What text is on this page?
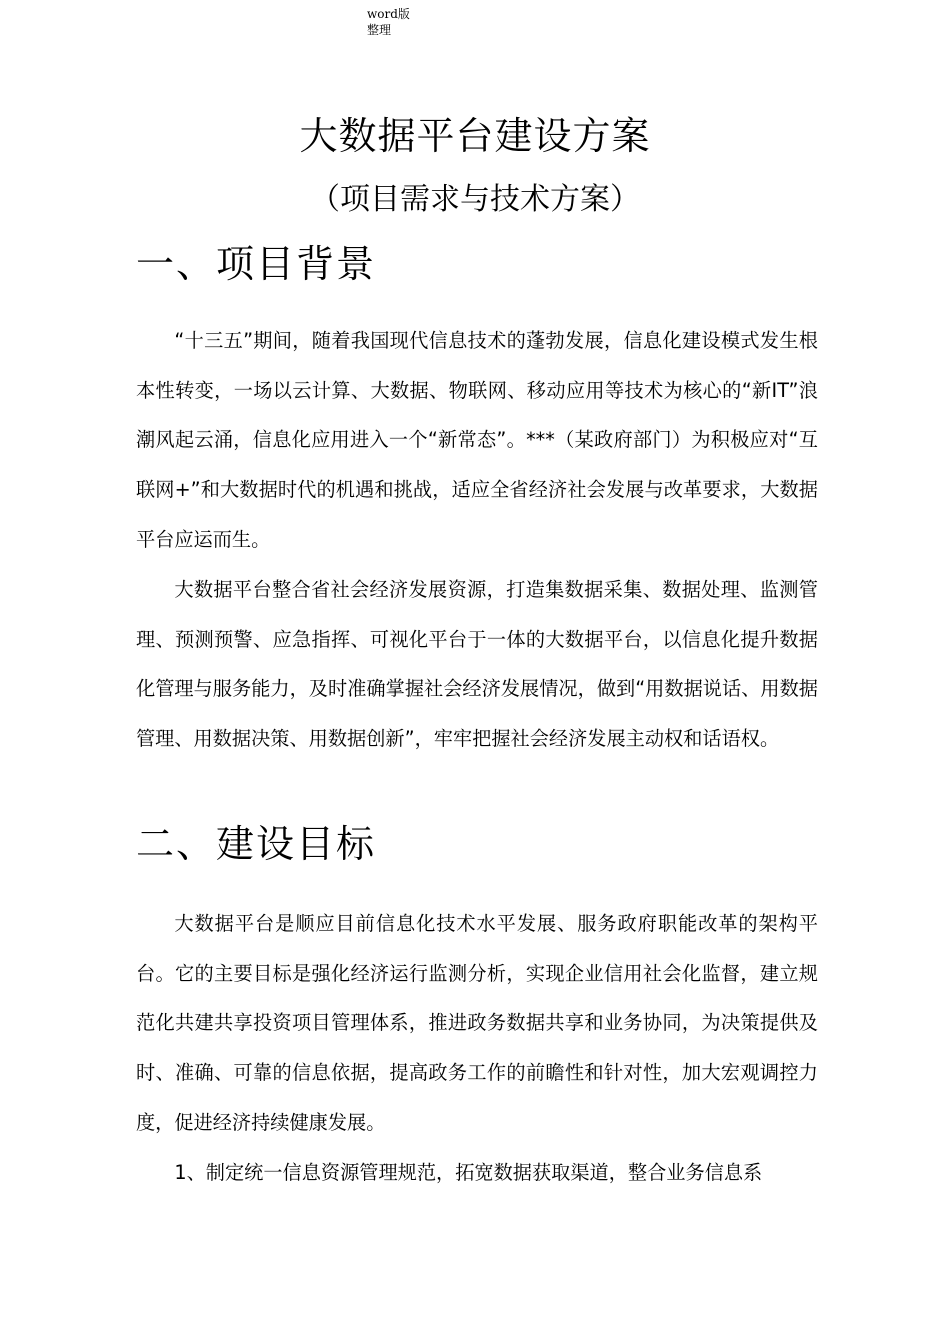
word版
整理
大数据平台建设方案
（项目需求与技术方案）
一、项目背景

“十三五”期间，随着我国现代信息技术的蓬勃发展，信息化建设模式发生根本性转变，一场以云计算、大数据、物联网、移动应用等技术为核心的“新IT”浪潮风起云涌，信息化应用进入一个“新常态”。***（某政府部门）为积极应对“互联网+”和大数据时代的机遇和挑战，适应全省经济社会发展与改革要求，大数据平台应运而生。

大数据平台整合省社会经济发展资源，打造集数据采集、数据处理、监测管理、预测预警、应急指挥、可视化平台于一体的大数据平台，以信息化提升数据化管理与服务能力，及时准确掌握社会经济发展情况，做到“用数据说话、用数据管理、用数据决策、用数据创新”，牢牢把握社会经济发展主动权和话语权。

二、建设目标

大数据平台是顺应目前信息化技术水平发展、服务政府职能改革的架构平台。它的主要目标是强化经济运行监测分析，实现企业信用社会化监督，建立规范化共建共享投资项目管理体系，推进政务数据共享和业务协同，为决策提供及时、准确、可靠的信息依据，提高政务工作的前瞻性和针对性，加大宏观调控力度，促进经济持续健康发展。

1、制定统一信息资源管理规范，拓宽数据获取渠道，整合业务信息系
